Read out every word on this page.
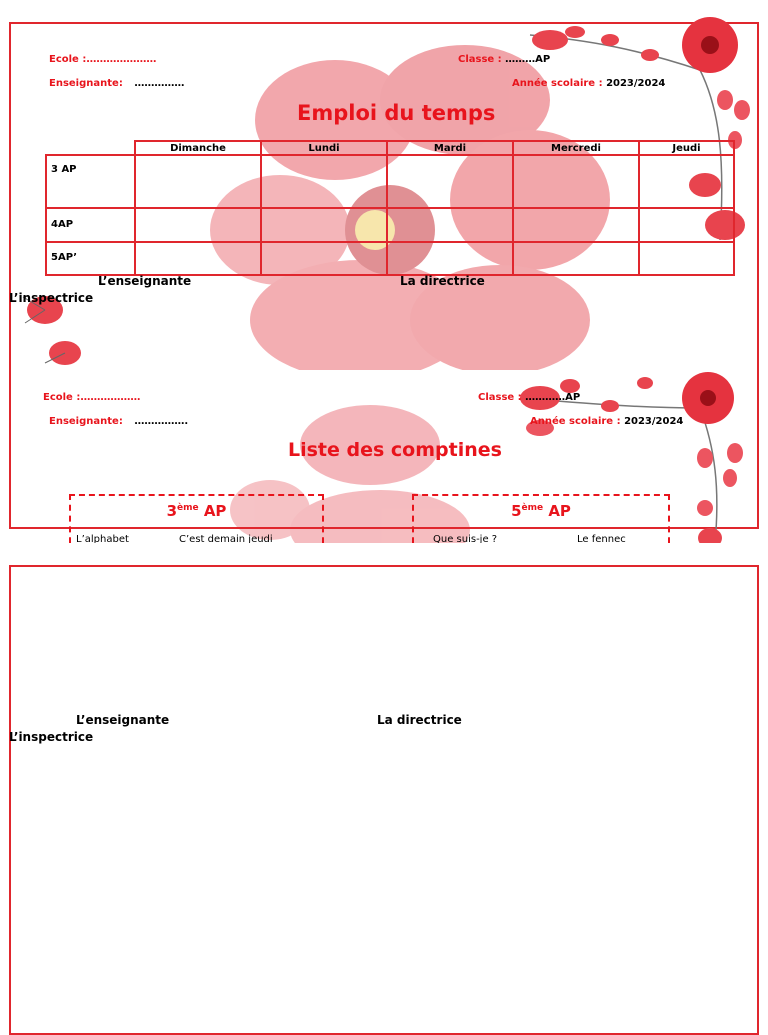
Ecole :…………………
Enseignante: ……………
Classe : ………AP
Année scolaire : 2023/2024
Emploi du temps
	Dimanche	Lundi	Mardi	Mercredi	Jeudi
3 AP					
4AP					
5AP’					
L’enseignante	La directrice
L’inspectrice
Ecole :………………
Enseignante: …………….
Classe : …………AP
Année scolaire : 2023/2024
Liste des comptines
3ème AP
L’alphabet	C’est demain jeudi
5ème AP
Que suis-je ?	Le fennec
L’enseignante	La directrice
L’inspectrice
